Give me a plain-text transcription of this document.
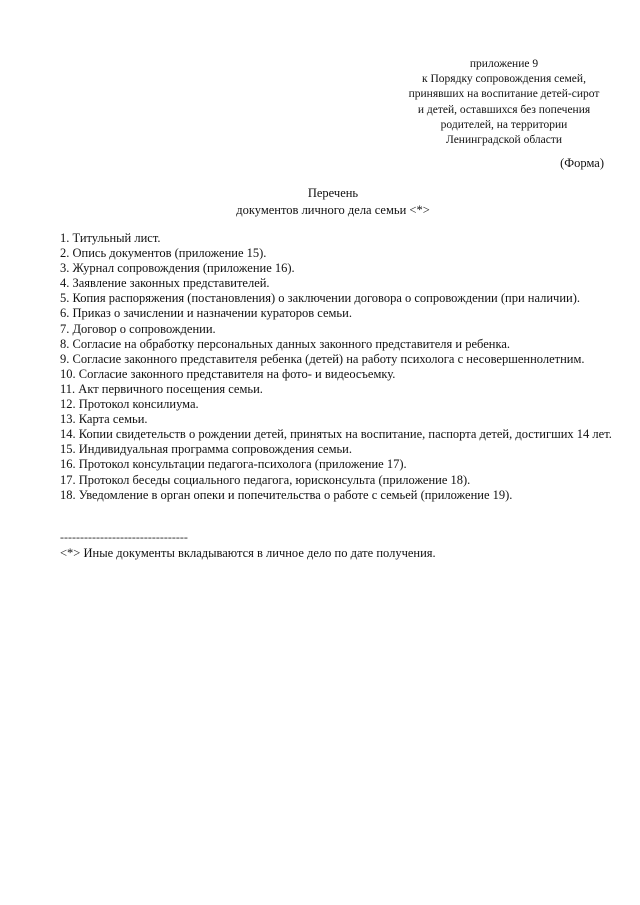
приложение 9
к Порядку сопровождения семей,
принявших на воспитание детей-сирот
и детей, оставшихся без попечения
родителей, на территории
Ленинградской области
(Форма)
Перечень
документов личного дела семьи <*>
1. Титульный лист.
2. Опись документов (приложение 15).
3. Журнал сопровождения (приложение 16).
4. Заявление законных представителей.
5. Копия распоряжения (постановления) о заключении договора о сопровождении (при наличии).
6. Приказ о зачислении и назначении кураторов семьи.
7. Договор о сопровождении.
8. Согласие на обработку персональных данных законного представителя и ребенка.
9. Согласие законного представителя ребенка (детей) на работу психолога с несовершеннолетним.
10. Согласие законного представителя на фото- и видеосъемку.
11. Акт первичного посещения семьи.
12. Протокол консилиума.
13. Карта семьи.
14. Копии свидетельств о рождении детей, принятых на воспитание, паспорта детей, достигших 14 лет.
15. Индивидуальная программа сопровождения семьи.
16. Протокол консультации педагога-психолога (приложение 17).
17. Протокол беседы социального педагога, юрисконсульта (приложение 18).
18. Уведомление в орган опеки и попечительства о работе с семьей (приложение 19).
--------------------------------
<*> Иные документы вкладываются в личное дело по дате получения.
